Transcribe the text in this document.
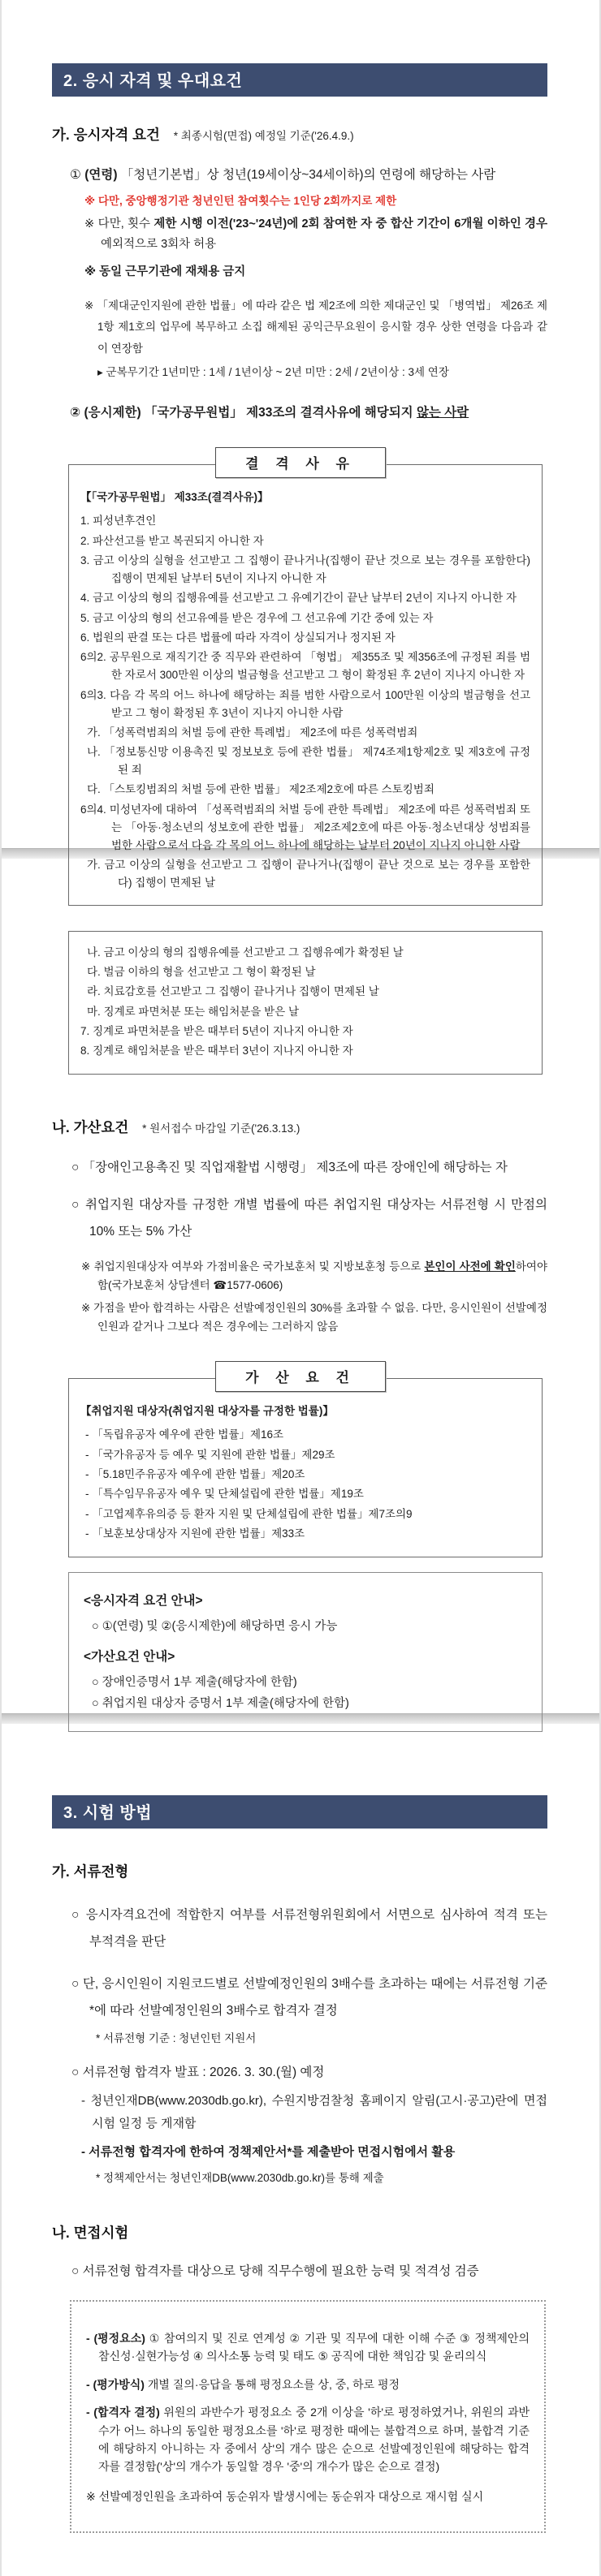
2. 응시 자격 및 우대요건
가. 응시자격 요건 * 최종시험(면접) 예정일 기준('26.4.9.)

① (연령) 「청년기본법」상 청년(19세이상~34세이하)의 연령에 해당하는 사람

※ 다만, 중앙행정기관 청년인턴 참여횟수는 1인당 2회까지로 제한

※ 다만, 횟수 제한 시행 이전('23~'24년)에 2회 참여한 자 중 합산 기간이 6개월 이하인 경우 예외적으로 3회차 허용

※ 동일 근무기관에 재채용 금지

※ 「제대군인지원에 관한 법률」에 따라 같은 법 제2조에 의한 제대군인 및 「병역법」 제26조 제1항 제1호의 업무에 복무하고 소집 해제된 공익근무요원이 응시할 경우 상한 연령을 다음과 같이 연장함

▸ 군복무기간 1년미만 : 1세 / 1년이상 ~ 2년 미만 : 2세 / 2년이상 : 3세 연장

② (응시제한) 「국가공무원법」 제33조의 결격사유에 해당되지 않는 사람

결 격 사 유

【「국가공무원법」 제33조(결격사유)】

1. 피성년후견인

2. 파산선고를 받고 복권되지 아니한 자

3. 금고 이상의 실형을 선고받고 그 집행이 끝나거나(집행이 끝난 것으로 보는 경우를 포함한다) 집행이 면제된 날부터 5년이 지나지 아니한 자

4. 금고 이상의 형의 집행유예를 선고받고 그 유예기간이 끝난 날부터 2년이 지나지 아니한 자

5. 금고 이상의 형의 선고유예를 받은 경우에 그 선고유예 기간 중에 있는 자

6. 법원의 판결 또는 다른 법률에 따라 자격이 상실되거나 정지된 자

6의2. 공무원으로 재직기간 중 직무와 관련하여 「형법」 제355조 및 제356조에 규정된 죄를 범한 자로서 300만원 이상의 벌금형을 선고받고 그 형이 확정된 후 2년이 지나지 아니한 자

6의3. 다음 각 목의 어느 하나에 해당하는 죄를 범한 사람으로서 100만원 이상의 벌금형을 선고받고 그 형이 확정된 후 3년이 지나지 아니한 사람

가. 「성폭력범죄의 처벌 등에 관한 특례법」 제2조에 따른 성폭력범죄

나. 「정보통신망 이용촉진 및 정보보호 등에 관한 법률」 제74조제1항제2호 및 제3호에 규정된 죄

다. 「스토킹범죄의 처벌 등에 관한 법률」 제2조제2호에 따른 스토킹범죄

6의4. 미성년자에 대하여 「성폭력범죄의 처벌 등에 관한 특례법」 제2조에 따른 성폭력범죄 또는 「아동·청소년의 성보호에 관한 법률」 제2조제2호에 따른 아동·청소년대상 성범죄를 범한 사람으로서 다음 각 목의 어느 하나에 해당하는 날부터 20년이 지나지 아니한 사람

가. 금고 이상의 실형을 선고받고 그 집행이 끝나거나(집행이 끝난 것으로 보는 경우를 포함한다) 집행이 면제된 날

나. 금고 이상의 형의 집행유예를 선고받고 그 집행유예가 확정된 날

다. 벌금 이하의 형을 선고받고 그 형이 확정된 날

라. 치료감호를 선고받고 그 집행이 끝나거나 집행이 면제된 날

마. 징계로 파면처분 또는 해임처분을 받은 날

7. 징계로 파면처분을 받은 때부터 5년이 지나지 아니한 자

8. 징계로 해임처분을 받은 때부터 3년이 지나지 아니한 자

나. 가산요건 * 원서접수 마감일 기준('26.3.13.)

○ 「장애인고용촉진 및 직업재활법 시행령」 제3조에 따른 장애인에 해당하는 자

○ 취업지원 대상자를 규정한 개별 법률에 따른 취업지원 대상자는 서류전형 시 만점의 10% 또는 5% 가산

※ 취업지원대상자 여부와 가점비율은 국가보훈처 및 지방보훈청 등으로 본인이 사전에 확인하여야 함(국가보훈처 상담센터 ☎1577-0606)

※ 가점을 받아 합격하는 사람은 선발예정인원의 30%를 초과할 수 없음. 다만, 응시인원이 선발예정인원과 같거나 그보다 적은 경우에는 그러하지 않음

가 산 요 건

【취업지원 대상자(취업지원 대상자를 규정한 법률)】

- 「독립유공자 예우에 관한 법률」제16조

- 「국가유공자 등 예우 및 지원에 관한 법률」제29조

- 「5.18민주유공자 예우에 관한 법률」제20조

- 「특수임무유공자 예우 및 단체설립에 관한 법률」제19조

- 「고엽제후유의증 등 환자 지원 및 단체설립에 관한 법률」제7조의9

- 「보훈보상대상자 지원에 관한 법률」제33조

<응시자격 요건 안내>

○ ①(연령) 및 ②(응시제한)에 해당하면 응시 가능

<가산요건 안내>

○ 장애인증명서 1부 제출(해당자에 한함)

○ 취업지원 대상자 증명서 1부 제출(해당자에 한함)

3. 시험 방법
가. 서류전형

○ 응시자격요건에 적합한지 여부를 서류전형위원회에서 서면으로 심사하여 적격 또는 부적격을 판단

○ 단, 응시인원이 지원코드별로 선발예정인원의 3배수를 초과하는 때에는 서류전형 기준*에 따라 선발예정인원의 3배수로 합격자 결정

* 서류전형 기준 : 청년인턴 지원서

○ 서류전형 합격자 발표 : 2026. 3. 30.(월) 예정

- 청년인재DB(www.2030db.go.kr), 수원지방검찰청 홈페이지 알림(고시·공고)란에 면접시험 일정 등 게재함

- 서류전형 합격자에 한하여 정책제안서*를 제출받아 면접시험에서 활용

* 정책제안서는 청년인재DB(www.2030db.go.kr)를 통해 제출

나. 면접시험

○ 서류전형 합격자를 대상으로 당해 직무수행에 필요한 능력 및 적격성 검증

- (평정요소) ① 참여의지 및 진로 연계성 ② 기관 및 직무에 대한 이해 수준 ③ 정책제안의 참신성·실현가능성 ④ 의사소통 능력 및 태도 ⑤ 공직에 대한 책임감 및 윤리의식

- (평가방식) 개별 질의·응답을 통해 평정요소를 상, 중, 하로 평정

- (합격자 결정) 위원의 과반수가 평정요소 중 2개 이상을 '하'로 평정하였거나, 위원의 과반수가 어느 하나의 동일한 평정요소를 '하'로 평정한 때에는 불합격으로 하며, 불합격 기준에 해당하지 아니하는 자 중에서 상'의 개수 많은 순으로 선발예정인원에 해당하는 합격자를 결정함('상'의 개수가 동일할 경우 '중'의 개수가 많은 순으로 결정)

※ 선발예정인원을 초과하여 동순위자 발생시에는 동순위자 대상으로 재시험 실시
